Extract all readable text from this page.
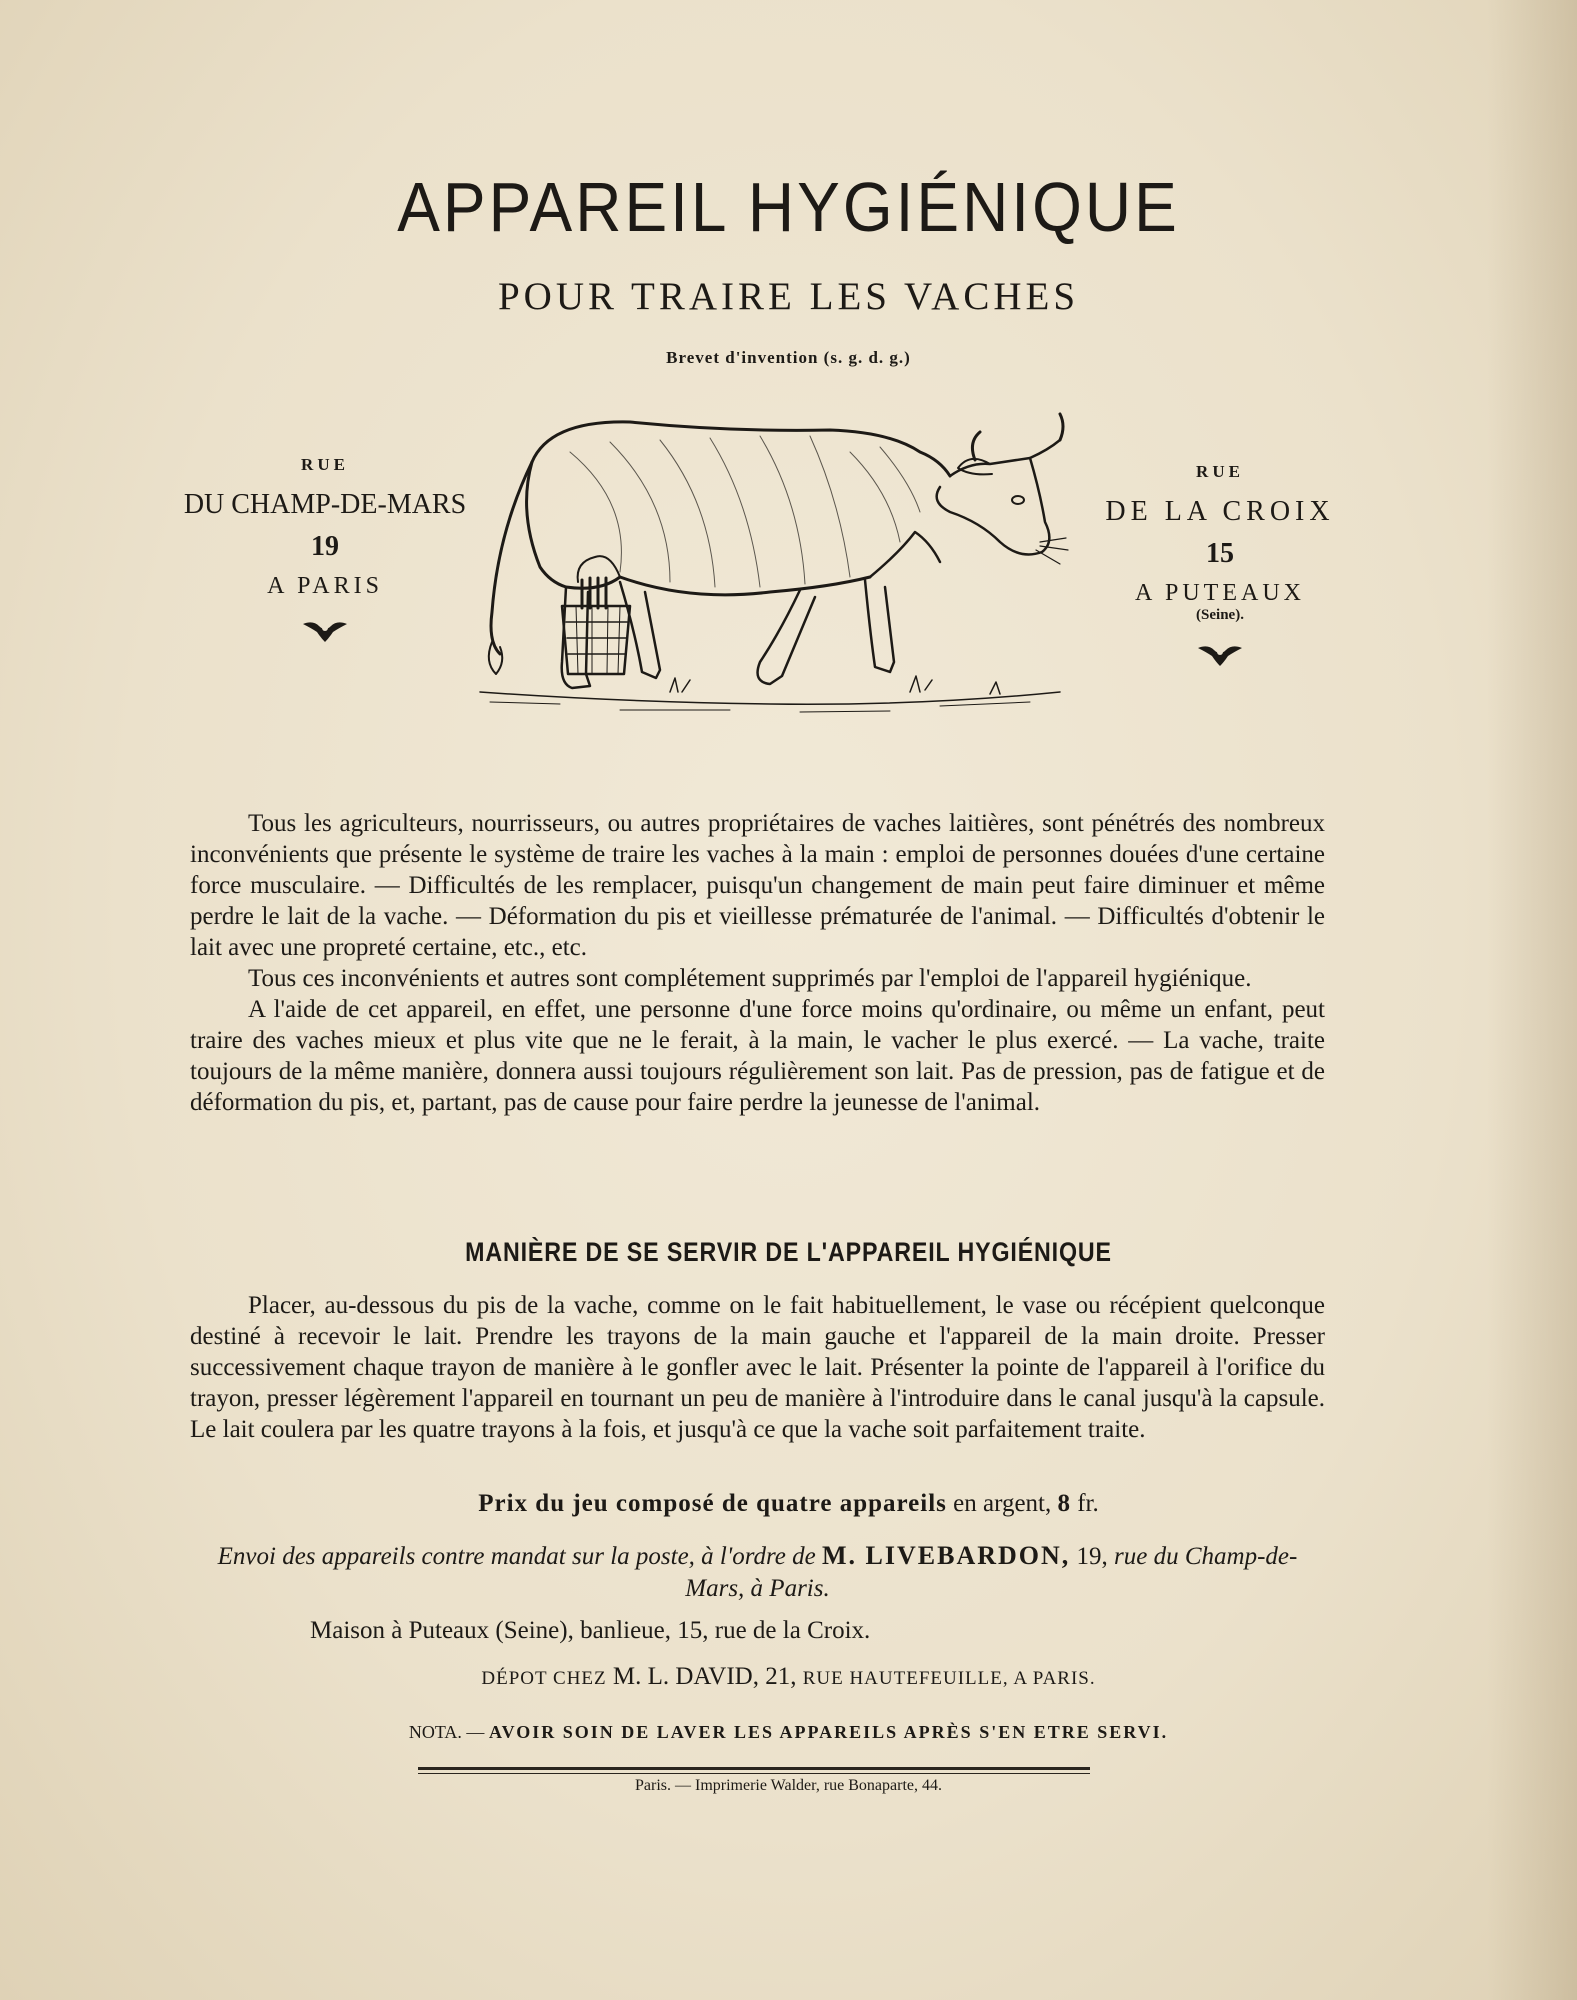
APPAREIL HYGIÉNIQUE
POUR TRAIRE LES VACHES
Brevet d'invention (s. g. d. g.)
RUE
DU CHAMP-DE-MARS
19
A PARIS
RUE
DE LA CROIX
15
A PUTEAUX
(Seine).

Tous les agriculteurs, nourrisseurs, ou autres propriétaires de vaches laitières, sont pénétrés des nombreux inconvénients que présente le système de traire les vaches à la main : emploi de personnes douées d'une certaine force musculaire. — Difficultés de les remplacer, puisqu'un changement de main peut faire diminuer et même perdre le lait de la vache. — Déformation du pis et vieillesse prématurée de l'animal. — Difficultés d'obtenir le lait avec une propreté certaine, etc., etc.

Tous ces inconvénients et autres sont complétement supprimés par l'emploi de l'appareil hygiénique.

A l'aide de cet appareil, en effet, une personne d'une force moins qu'ordinaire, ou même un enfant, peut traire des vaches mieux et plus vite que ne le ferait, à la main, le vacher le plus exercé. — La vache, traite toujours de la même manière, donnera aussi toujours régulièrement son lait. Pas de pression, pas de fatigue et de déformation du pis, et, partant, pas de cause pour faire perdre la jeunesse de l'animal.

MANIÈRE DE SE SERVIR DE L'APPAREIL HYGIÉNIQUE

Placer, au-dessous du pis de la vache, comme on le fait habituellement, le vase ou récépient quelconque destiné à recevoir le lait. Prendre les trayons de la main gauche et l'appareil de la main droite. Presser successivement chaque trayon de manière à le gonfler avec le lait. Présenter la pointe de l'appareil à l'orifice du trayon, presser légèrement l'appareil en tournant un peu de manière à l'introduire dans le canal jusqu'à la capsule. Le lait coulera par les quatre trayons à la fois, et jusqu'à ce que la vache soit parfaitement traite.

Prix du jeu composé de quatre appareils en argent, 8 fr.
Envoi des appareils contre mandat sur la poste, à l'ordre de M. LIVEBARDON, 19, rue du Champ-de-Mars, à Paris.
Maison à Puteaux (Seine), banlieue, 15, rue de la Croix.
DÉPOT CHEZ M. L. DAVID, 21, RUE HAUTEFEUILLE, A PARIS.
NOTA. — AVOIR SOIN DE LAVER LES APPAREILS APRÈS S'EN ETRE SERVI.
Paris. — Imprimerie Walder, rue Bonaparte, 44.
